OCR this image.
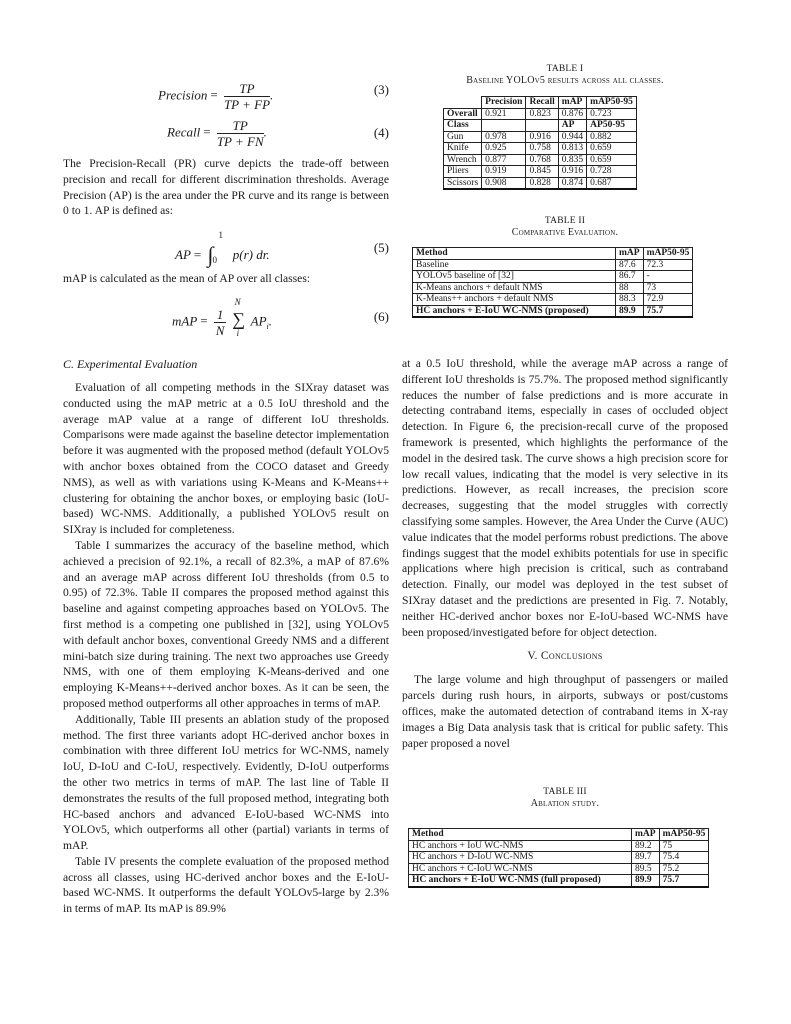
Precision = $\frac{TP}{TP + FP}$ .	(3)
Recall = $\frac{TP}{TP + FN}$ .	(4)

The Precision-Recall (PR) curve depicts the trade-off between precision and recall for different discrimination thresholds. Average Precision (AP) is the area under the PR curve and its range is between 0 to 1. AP is defined as:

AP = ∫
1
0 p(r) dr.	(5)

mAP is calculated as the mean of AP over all classes:

mAP = $\frac{1}{N}$

N
∑
i
$AP_i$.	(6)
C. Experimental Evaluation

Evaluation of all competing methods in the SIXray dataset was conducted using the mAP metric at a 0.5 IoU threshold and the average mAP value at a range of different IoU thresholds. Comparisons were made against the baseline detector implementation before it was augmented with the proposed method (default YOLOv5 with anchor boxes obtained from the COCO dataset and Greedy NMS), as well as with variations using K-Means and K-Means++ clustering for obtaining the anchor boxes, or employing basic (IoU-based) WC-NMS. Additionally, a published YOLOv5 result on SIXray is included for completeness.

Table I summarizes the accuracy of the baseline method, which achieved a precision of 92.1%, a recall of 82.3%, a mAP of 87.6% and an average mAP across different IoU thresholds (from 0.5 to 0.95) of 72.3%. Table II compares the proposed method against this baseline and against competing approaches based on YOLOv5. The first method is a competing one published in [32], using YOLOv5 with default anchor boxes, conventional Greedy NMS and a different mini-batch size during training. The next two approaches use Greedy NMS, with one of them employing K-Means-derived and one employing K-Means++-derived anchor boxes. As it can be seen, the proposed method outperforms all other approaches in terms of mAP.

Additionally, Table III presents an ablation study of the proposed method. The first three variants adopt HC-derived anchor boxes in combination with three different IoU metrics for WC-NMS, namely IoU, D-IoU and C-IoU, respectively. Evidently, D-IoU outperforms the other two metrics in terms of mAP. The last line of Table II demonstrates the results of the full proposed method, integrating both HC-based anchors and advanced E-IoU-based WC-NMS into YOLOv5, which outperforms all other (partial) variants in terms of mAP.

Table IV presents the complete evaluation of the proposed method across all classes, using HC-derived anchor boxes and the E-IoU-based WC-NMS. It outperforms the default YOLOv5-large by 2.3% in terms of mAP. Its mAP is 89.9%

TABLE I
Baseline YOLOv5 results across all classes.
	Precision	Recall	mAP	mAP50-95
Overall	0.921	0.823	0.876	0.723
Class			AP	AP50-95
Gun	0.978	0.916	0.944	0.882
Knife	0.925	0.758	0.813	0.659
Wrench	0.877	0.768	0.835	0.659
Pliers	0.919	0.845	0.916	0.728
Scissors	0.908	0.828	0.874	0.687
TABLE II
Comparative Evaluation.
Method	mAP	mAP50-95
Baseline	87.6	72.3
YOLOv5 baseline of [32]	86.7	-
K-Means anchors + default NMS	88	73
K-Means++ anchors + default NMS	88.3	72.9
HC anchors + E-IoU WC-NMS (proposed)	89.9	75.7

at a 0.5 IoU threshold, while the average mAP across a range of different IoU thresholds is 75.7%. The proposed method significantly reduces the number of false predictions and is more accurate in detecting contraband items, especially in cases of occluded object detection. In Figure 6, the precision-recall curve of the proposed framework is presented, which highlights the performance of the model in the desired task. The curve shows a high precision score for low recall values, indicating that the model is very selective in its predictions. However, as recall increases, the precision score decreases, suggesting that the model struggles with correctly classifying some samples. However, the Area Under the Curve (AUC) value indicates that the model performs robust predictions. The above findings suggest that the model exhibits potentials for use in specific applications where high precision is critical, such as contraband detection. Finally, our model was deployed in the test subset of SIXray dataset and the predictions are presented in Fig. 7. Notably, neither HC-derived anchor boxes nor E-IoU-based WC-NMS have been proposed/investigated before for object detection.

V. Conclusions

The large volume and high throughput of passengers or mailed parcels during rush hours, in airports, subways or post/customs offices, make the automated detection of contraband items in X-ray images a Big Data analysis task that is critical for public safety. This paper proposed a novel

TABLE III
Ablation study.
Method	mAP	mAP50-95
HC anchors + IoU WC-NMS	89.2	75
HC anchors + D-IoU WC-NMS	89.7	75.4
HC anchors + C-IoU WC-NMS	89.5	75.2
HC anchors + E-IoU WC-NMS (full proposed)	89.9	75.7
